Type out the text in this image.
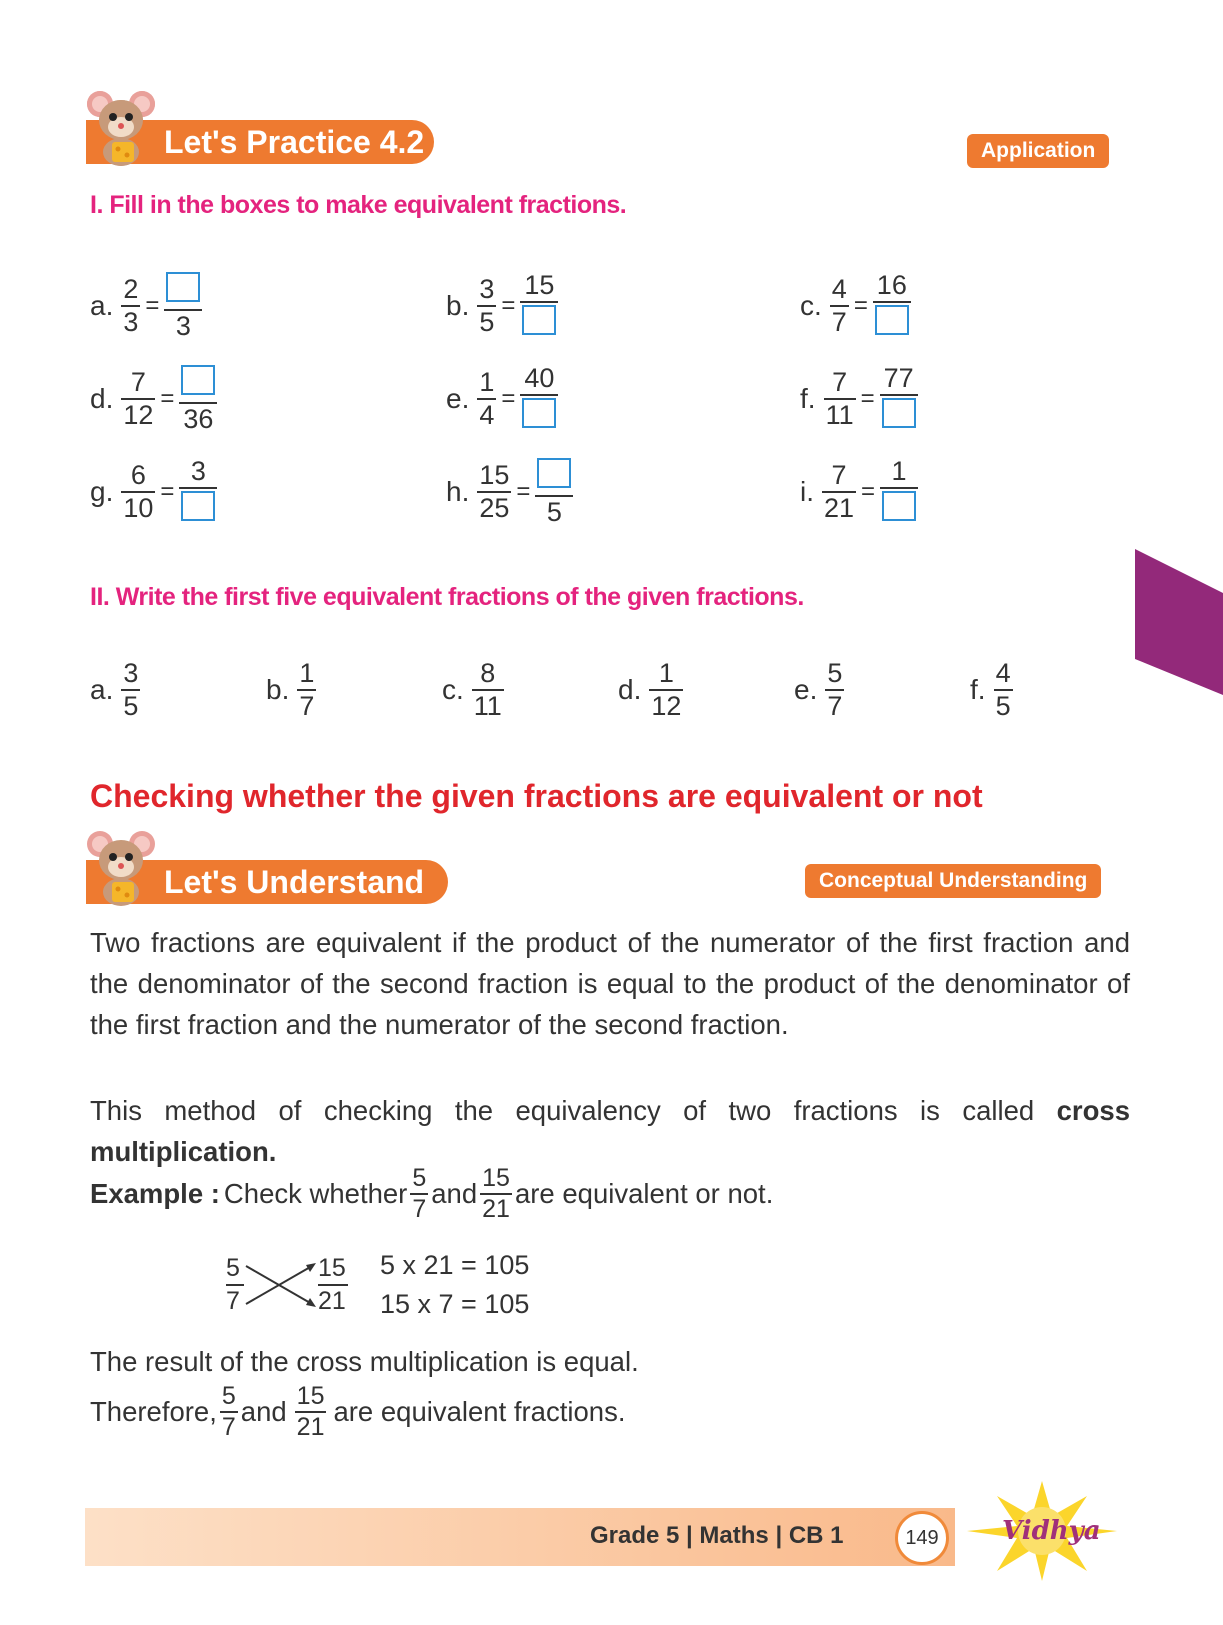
Let's Practice 4.2	Application
I. Fill in the boxes to make equivalent fractions.
a. $\frac{2}{3}$ =
3
b. $\frac{3}{5}$ =
15
c. $\frac{4}{7}$ =
16
d. $\frac{7}{12}$ =
36
e. $\frac{1}{4}$ =
40
f. $\frac{7}{11}$ =
77
g. $\frac{6}{10}$ =
3
h. $\frac{15}{25}$ =
5
i. $\frac{7}{21}$ =
1
II. Write the first five equivalent fractions of the given fractions.
a. $\frac{3}{5}$	b. $\frac{1}{7}$	c. $\frac{8}{11}$	d. $\frac{1}{12}$	e. $\frac{5}{7}$	f. $\frac{4}{5}$
Checking whether the given fractions are equivalent or not
Let's Understand	Conceptual Understanding
Two fractions are equivalent if the product of the numerator of the first fraction and the denominator of the second fraction is equal to the product of the denominator of the first fraction and the numerator of the second fraction.
This method of checking the equivalency of two fractions is called cross multiplication.
Example : Check whether $\frac{5}{7}$ and $\frac{15}{21}$ are equivalent or not.
5
7
15
21
5 x 21 = 105
15 x 7 = 105
The result of the cross multiplication is equal.
Therefore, $\frac{5}{7}$ and $\frac{15}{21}$ are equivalent fractions.
Grade 5 | Maths | CB 1	149	Vidhya
